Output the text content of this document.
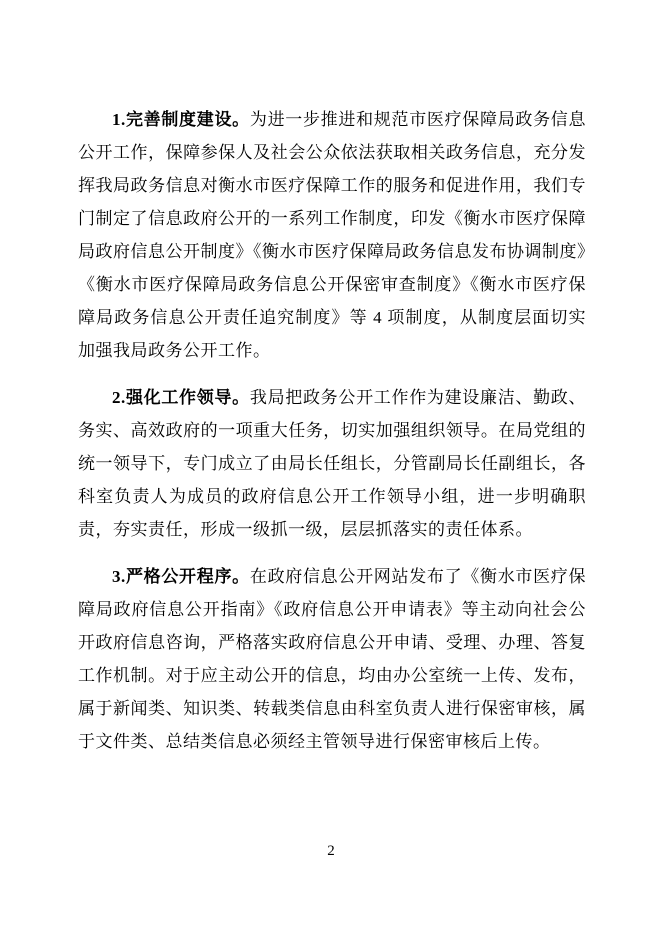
1.完善制度建设。为进一步推进和规范市医疗保障局政务信息公开工作，保障参保人及社会公众依法获取相关政务信息，充分发挥我局政务信息对衡水市医疗保障工作的服务和促进作用，我们专门制定了信息政府公开的一系列工作制度，印发《衡水市医疗保障局政府信息公开制度》《衡水市医疗保障局政务信息发布协调制度》《衡水市医疗保障局政务信息公开保密审查制度》《衡水市医疗保障局政务信息公开责任追究制度》等 4 项制度，从制度层面切实加强我局政务公开工作。

2.强化工作领导。我局把政务公开工作作为建设廉洁、勤政、务实、高效政府的一项重大任务，切实加强组织领导。在局党组的统一领导下，专门成立了由局长任组长，分管副局长任副组长，各科室负责人为成员的政府信息公开工作领导小组，进一步明确职责，夯实责任，形成一级抓一级，层层抓落实的责任体系。

3.严格公开程序。在政府信息公开网站发布了《衡水市医疗保障局政府信息公开指南》《政府信息公开申请表》等主动向社会公开政府信息咨询，严格落实政府信息公开申请、受理、办理、答复工作机制。对于应主动公开的信息，均由办公室统一上传、发布，属于新闻类、知识类、转载类信息由科室负责人进行保密审核，属于文件类、总结类信息必须经主管领导进行保密审核后上传。

2
